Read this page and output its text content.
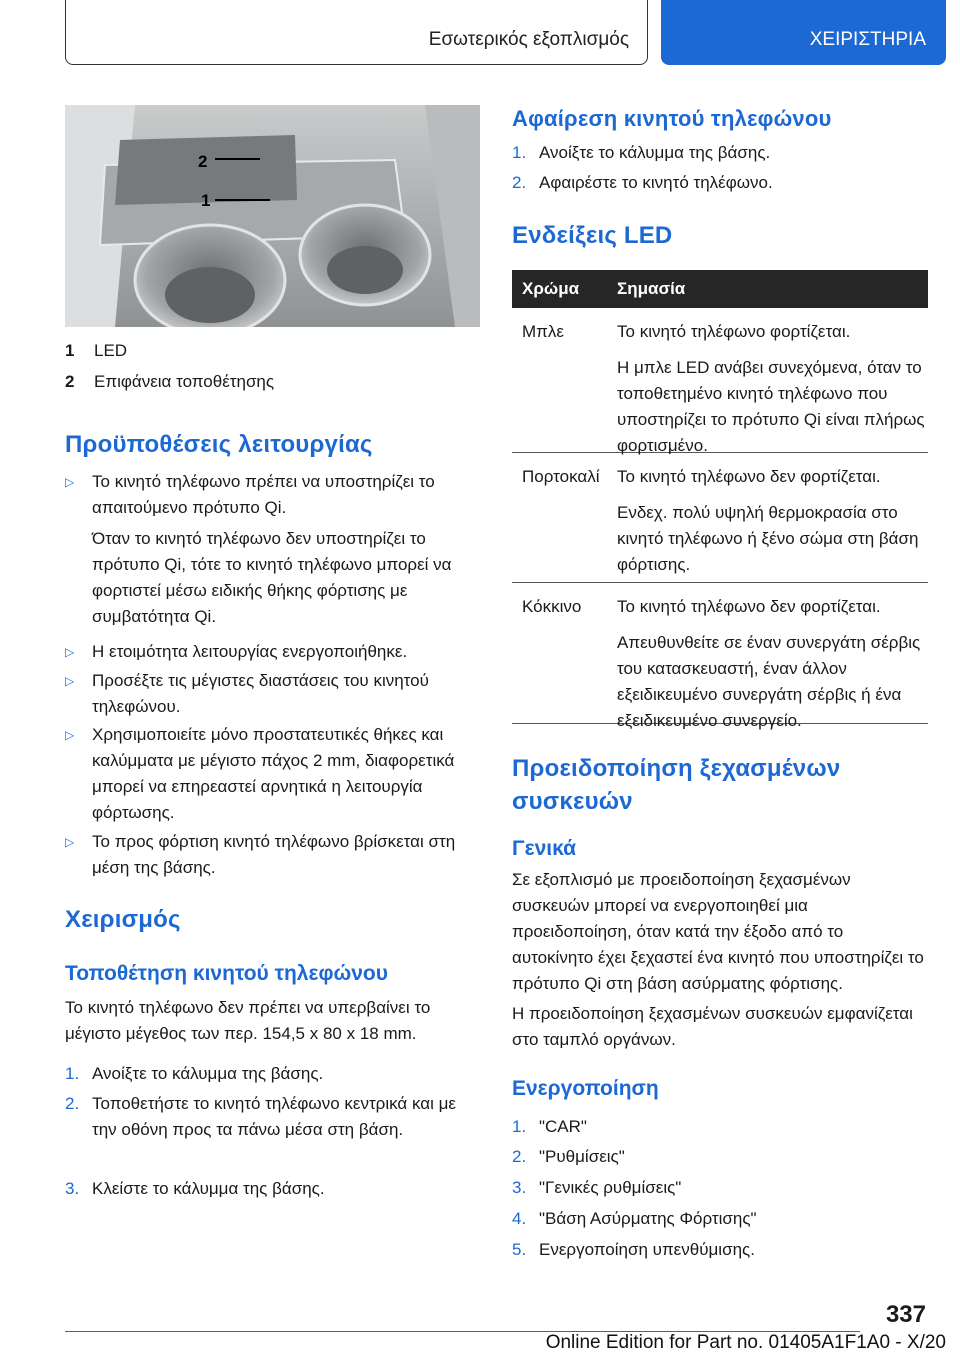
Εσωτερικός εξοπλισμός	ΧΕΙΡΙΣΤΗΡΙΑ
2
1
1	LED
2	Επιφάνεια τοποθέτησης
Προϋποθέσεις λειτουργίας
▷ Το κινητό τηλέφωνο πρέπει να υποστηρίζει το απαιτούμενο πρότυπο Qi.
Όταν το κινητό τηλέφωνο δεν υποστηρίζει το πρότυπο Qi, τότε το κινητό τηλέφωνο μπορεί να φορτιστεί μέσω ειδικής θήκης φόρτισης με συμβατότητα Qi.
▷ Η ετοιμότητα λειτουργίας ενεργοποιήθηκε.
▷ Προσέξτε τις μέγιστες διαστάσεις του κινητού τηλεφώνου.
▷ Χρησιμοποιείτε μόνο προστατευτικές θήκες και καλύμματα με μέγιστο πάχος 2 mm, διαφορετικά μπορεί να επηρεαστεί αρνητικά η λειτουργία φόρτωσης.
▷ Το προς φόρτιση κινητό τηλέφωνο βρίσκεται στη μέση της βάσης.
Χειρισμός
Τοποθέτηση κινητού τηλεφώνου
Το κινητό τηλέφωνο δεν πρέπει να υπερβαίνει το μέγιστο μέγεθος των περ. 154,5 x 80 x 18 mm.
1. Ανοίξτε το κάλυμμα της βάσης.
2. Τοποθετήστε το κινητό τηλέφωνο κεντρικά και με την οθόνη προς τα πάνω μέσα στη βάση.
3. Κλείστε το κάλυμμα της βάσης.
Αφαίρεση κινητού τηλεφώνου
1. Ανοίξτε το κάλυμμα της βάσης.
2. Αφαιρέστε το κινητό τηλέφωνο.
Ενδείξεις LED
Χρώμα Σημασία
Μπλε	Το κινητό τηλέφωνο φορτίζεται.

Η μπλε LED ανάβει συνεχόμενα, όταν το τοποθετημένο κινητό τηλέφωνο που υποστηρίζει το πρότυπο Qi είναι πλήρως φορτισμένο.

Πορτοκαλί Το κινητό τηλέφωνο δεν φορτίζεται.

Ενδεχ. πολύ υψηλή θερμοκρασία στο κινητό τηλέφωνο ή ξένο σώμα στη βάση φόρτισης.

Κόκκινο Το κινητό τηλέφωνο δεν φορτίζεται.

Απευθυνθείτε σε έναν συνεργάτη σέρβις του κατασκευαστή, έναν άλλον εξειδικευμένο συνεργάτη σέρβις ή ένα εξειδικευμένο συνεργείο.

Προειδοποίηση ξεχασμένων συσκευών
Γενικά
Σε εξοπλισμό με προειδοποίηση ξεχασμένων συσκευών μπορεί να ενεργοποιηθεί μια προειδοποίηση, όταν κατά την έξοδο από το αυτοκίνητο έχει ξεχαστεί ένα κινητό που υποστηρίζει το πρότυπο Qi στη βάση ασύρματης φόρτισης.
Η προειδοποίηση ξεχασμένων συσκευών εμφανίζεται στο ταμπλό οργάνων.
Ενεργοποίηση
1. "CAR"
2. "Ρυθμίσεις"
3. "Γενικές ρυθμίσεις"
4. "Βάση Ασύρματης Φόρτισης"
5. Ενεργοποίηση υπενθύμισης.
337
Online Edition for Part no. 01405A1F1A0 - X/20
